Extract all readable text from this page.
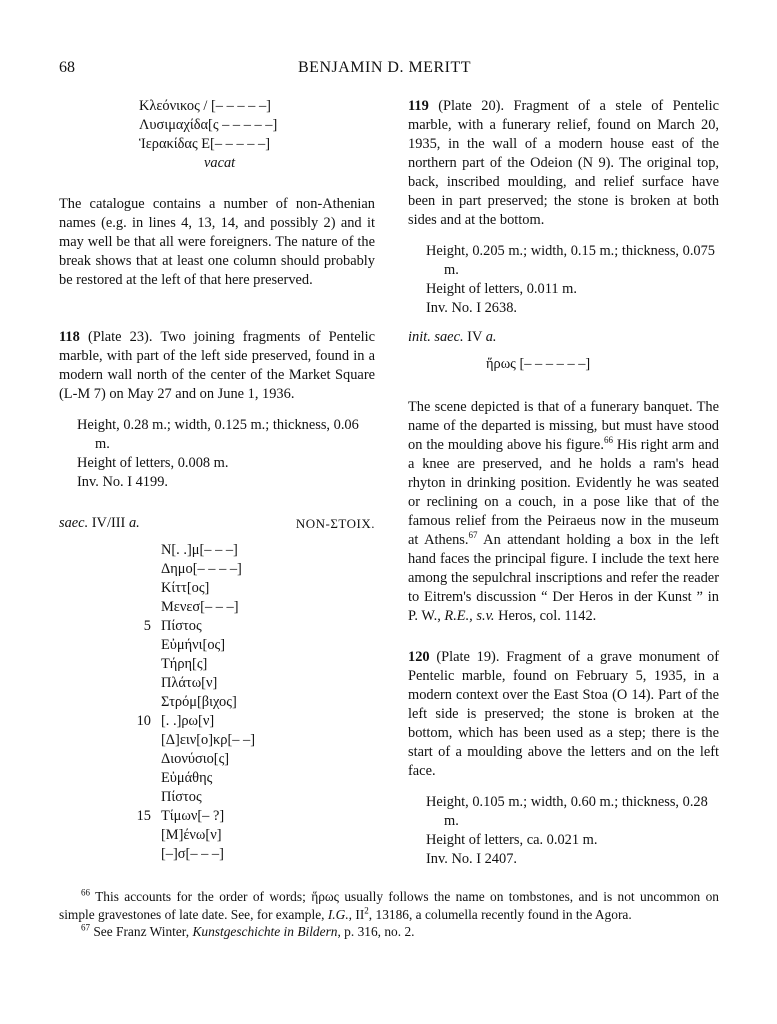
68	BENJAMIN D. MERITT
Κλεόνικος / [– – – – –]
Λυσιμαχίδα[ς – – – – –]
Ἱερακίδας Ε[– – – – –]
vacat

The catalogue contains a number of non-Athenian names (e.g. in lines 4, 13, 14, and possibly 2) and it may well be that all were foreigners. The nature of the break shows that at least one column should probably be restored at the left of that here preserved.

118 (Plate 23). Two joining fragments of Pentelic marble, with part of the left side preserved, found in a modern wall north of the center of the Market Square (L-M 7) on May 27 and on June 1, 1936.

Height, 0.28 m.; width, 0.125 m.; thickness, 0.06 m.
Height of letters, 0.008 m.
Inv. No. I 4199.
saec. IV/III a.	NON-ΣΤΟΙΧ.
Ν[. .]μ[– – –]
Δημο[– – – –]
Κίττ[ος]
Μενεσ[– – –]
5 Πίστος
Εὐμήνι[ος]
Τήρη[ς]
Πλάτω[ν]
Στρόμ[βιχος]
10 [. .]ρω[ν]
[Δ]ειν[ο]κρ[– –]
Διονύσιο[ς]
Εὐμάθης
Πίστος
15 Τίμων[– ?]
[Μ]ένω[ν]
[–]σ[– – –]

119 (Plate 20). Fragment of a stele of Pentelic marble, with a funerary relief, found on March 20, 1935, in the wall of a modern house east of the northern part of the Odeion (N 9). The original top, back, inscribed moulding, and relief surface have been in part preserved; the stone is broken at both sides and at the bottom.

Height, 0.205 m.; width, 0.15 m.; thickness, 0.075 m.
Height of letters, 0.011 m.
Inv. No. I 2638.
init. saec. IV a.
ἥρως [– – – – – –]

The scene depicted is that of a funerary banquet. The name of the departed is missing, but must have stood on the moulding above his figure.$^{66}$ His right arm and a knee are preserved, and he holds a ram's head rhyton in drinking position. Evidently he was seated or reclining on a couch, in a pose like that of the famous relief from the Peiraeus now in the museum at Athens.$^{67}$ An attendant holding a box in the left hand faces the principal figure. I include the text here among the sepulchral inscriptions and refer the reader to Eitrem's discussion “ Der Heros in der Kunst ” in P. W., R.E., s.v. Heros, col. 1142.

120 (Plate 19). Fragment of a grave monument of Pentelic marble, found on February 5, 1935, in a modern context over the East Stoa (O 14). Part of the left side is preserved; the stone is broken at the bottom, which has been used as a step; there is the start of a moulding above the letters and on the left face.

Height, 0.105 m.; width, 0.60 m.; thickness, 0.28 m.
Height of letters, ca. 0.021 m.
Inv. No. I 2407.

$^{66}$ This accounts for the order of words; ἥρως usually follows the name on tombstones, and is not uncommon on simple gravestones of late date. See, for example, I.G., $II^2$, 13186, a columella recently found in the Agora.

$^{67}$ See Franz Winter, Kunstgeschichte in Bildern, p. 316, no. 2.
